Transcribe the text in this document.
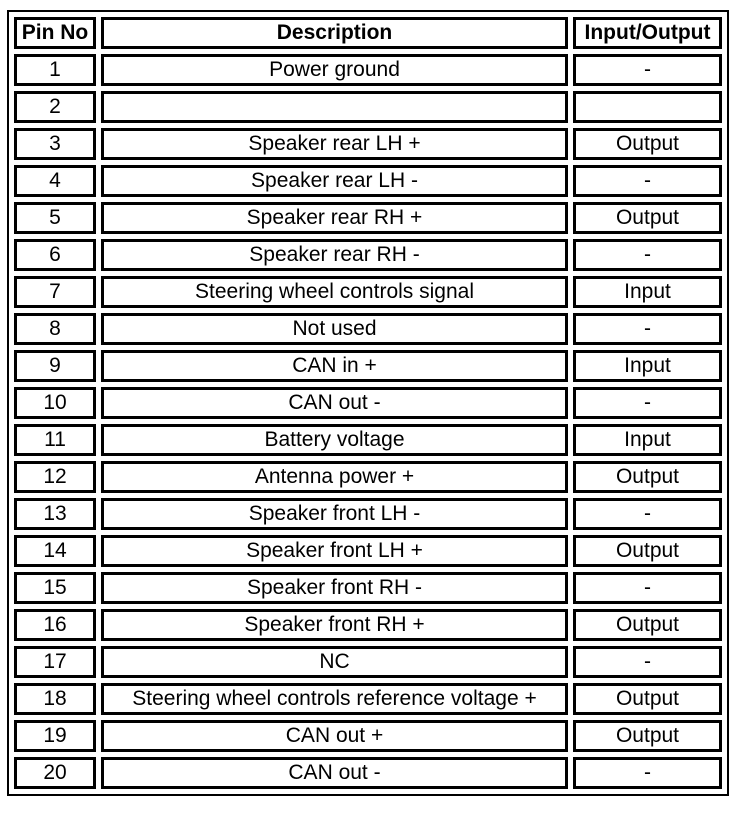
Pin No	Description	Input/Output
1	Power ground	-
2		
3	Speaker rear LH +	Output
4	Speaker rear LH -	-
5	Speaker rear RH +	Output
6	Speaker rear RH -	-
7	Steering wheel controls signal	Input
8	Not used	-
9	CAN in +	Input
10	CAN out -	-
11	Battery voltage	Input
12	Antenna power +	Output
13	Speaker front LH -	-
14	Speaker front LH +	Output
15	Speaker front RH -	-
16	Speaker front RH +	Output
17	NC	-
18	Steering wheel controls reference voltage +	Output
19	CAN out +	Output
20	CAN out -	-
